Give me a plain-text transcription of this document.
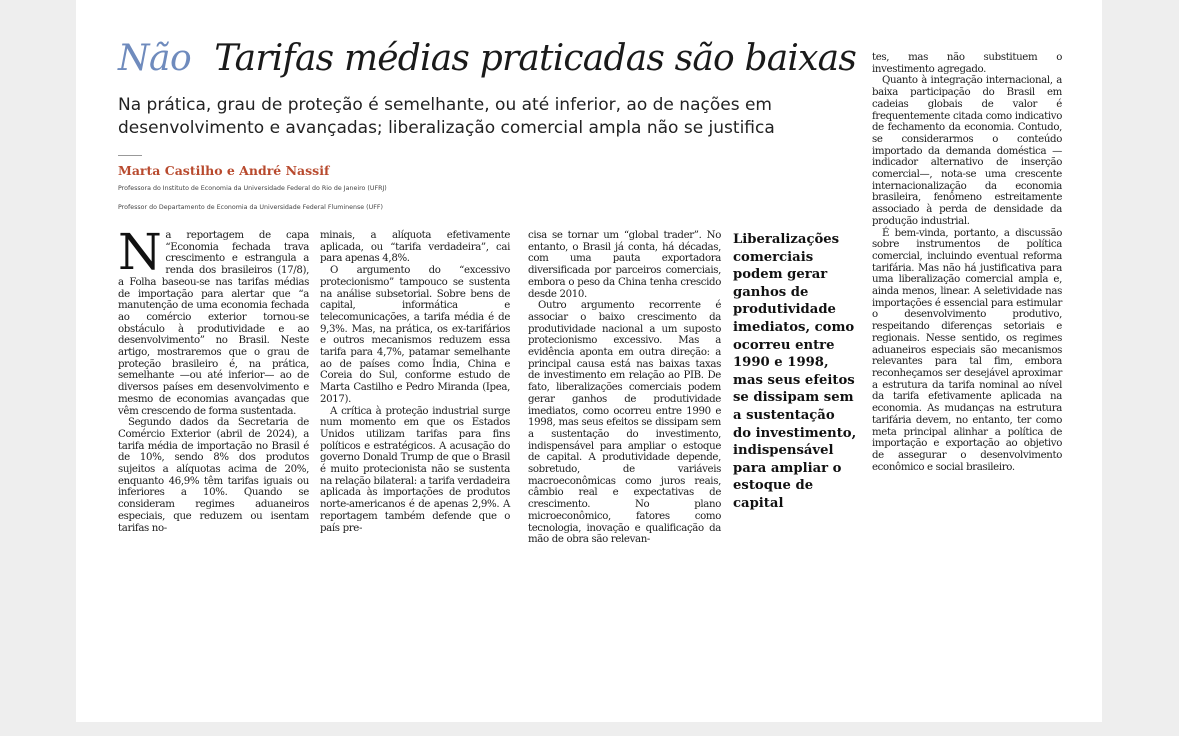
Não Tarifas médias praticadas são baixas
Na prática, grau de proteção é semelhante, ou até inferior, ao de nações em desenvolvimento e avançadas; liberalização comercial ampla não se justifica
Marta Castilho e André Nassif
Professora do Instituto de Economia da Universidade Federal do Rio de Janeiro (UFRJ)
Professor do Departamento de Economia da Universidade Federal Fluminense (UFF)
N a reportagem de capa “Economia fechada trava crescimento e estrangula a renda dos brasileiros (17/8), a Folha baseou-se nas tarifas médias de importação para alertar que “a manutenção de uma economia fechada ao comércio exterior tornou-se obstáculo à produtividade e ao desenvolvimento” no Brasil. Neste artigo, mostraremos que o grau de proteção brasileiro é, na prática, semelhante —ou até inferior— ao de diversos países em desenvolvimento e mesmo de economias avançadas que vêm crescendo de forma sustentada.

Segundo dados da Secretaria de Comércio Exterior (abril de 2024), a tarifa média de importação no Brasil é de 10%, sendo 8% dos produtos sujeitos a alíquotas acima de 20%, enquanto 46,9% têm tarifas iguais ou inferiores a 10%. Quando se consideram regimes aduaneiros especiais, que reduzem ou isentam tarifas no-

minais, a alíquota efetivamente aplicada, ou “tarifa verdadeira”, cai para apenas 4,8%.

O argumento do “excessivo protecionismo” tampouco se sustenta na análise subsetorial. Sobre bens de capital, informática e telecomunicações, a tarifa média é de 9,3%. Mas, na prática, os ex-tarifários e outros mecanismos reduzem essa tarifa para 4,7%, patamar semelhante ao de países como Índia, China e Coreia do Sul, conforme estudo de Marta Castilho e Pedro Miranda (Ipea, 2017).

A crítica à proteção industrial surge num momento em que os Estados Unidos utilizam tarifas para fins políticos e estratégicos. A acusação do governo Donald Trump de que o Brasil é muito protecionista não se sustenta na relação bilateral: a tarifa verdadeira aplicada às importações de produtos norte-americanos é de apenas 2,9%. A reportagem também defende que o país pre-

cisa se tornar um “global trader”. No entanto, o Brasil já conta, há décadas, com uma pauta exportadora diversificada por parceiros comerciais, embora o peso da China tenha crescido desde 2010.

Outro argumento recorrente é associar o baixo crescimento da produtividade nacional a um suposto protecionismo excessivo. Mas a evidência aponta em outra direção: a principal causa está nas baixas taxas de investimento em relação ao PIB. De fato, liberalizações comerciais podem gerar ganhos de produtividade imediatos, como ocorreu entre 1990 e 1998, mas seus efeitos se dissipam sem a sustentação do investimento, indispensável para ampliar o estoque de capital. A produtividade depende, sobretudo, de variáveis macroeconômicas como juros reais, câmbio real e expectativas de crescimento. No plano microeconômico, fatores como tecnologia, inovação e qualificação da mão de obra são relevan-

Liberalizações comerciais podem gerar ganhos de produtividade imediatos, como ocorreu entre 1990 e 1998, mas seus efeitos se dissipam sem a sustentação do investimento, indispensável para ampliar o estoque de capital

tes, mas não substituem o investimento agregado.

Quanto à integração internacional, a baixa participação do Brasil em cadeias globais de valor é frequentemente citada como indicativo de fechamento da economia. Contudo, se considerarmos o conteúdo importado da demanda doméstica —indicador alternativo de inserção comercial—, nota-se uma crescente internacionalização da economia brasileira, fenômeno estreitamente associado à perda de densidade da produção industrial.

É bem-vinda, portanto, a discussão sobre instrumentos de política comercial, incluindo eventual reforma tarifária. Mas não há justificativa para uma liberalização comercial ampla e, ainda menos, linear. A seletividade nas importações é essencial para estimular o desenvolvimento produtivo, respeitando diferenças setoriais e regionais. Nesse sentido, os regimes aduaneiros especiais são mecanismos relevantes para tal fim, embora reconheçamos ser desejável aproximar a estrutura da tarifa nominal ao nível da tarifa efetivamente aplicada na economia. As mudanças na estrutura tarifária devem, no entanto, ter como meta principal alinhar a política de importação e exportação ao objetivo de assegurar o desenvolvimento econômico e social brasileiro.
